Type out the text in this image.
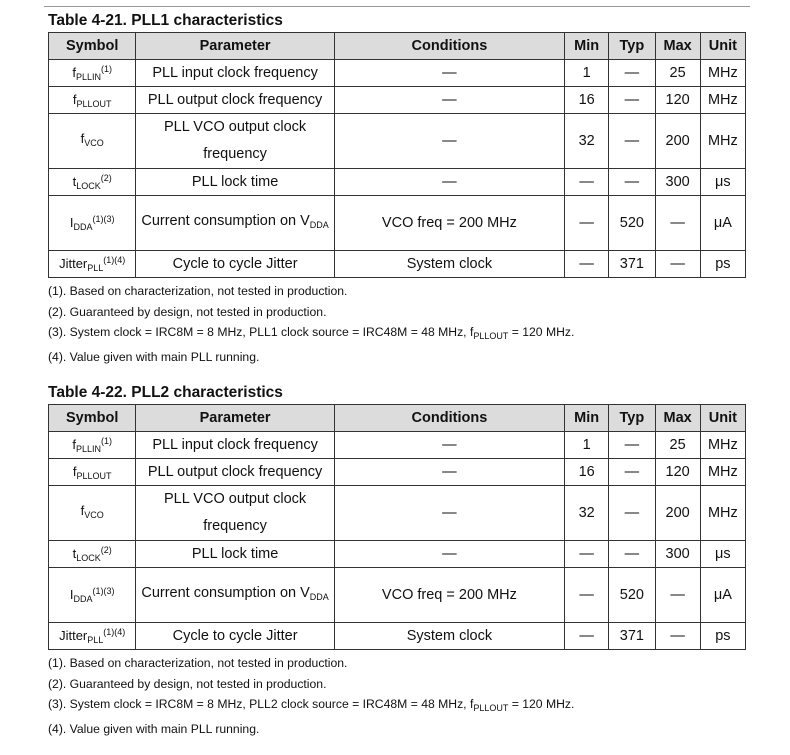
Table 4-21. PLL1 characteristics
Symbol	Parameter	Conditions	Min	Typ	Max	Unit
$f_{PLLIN}^{(1)}$	PLL input clock frequency	—	1	—	25	MHz
$f_{PLLOUT}$	PLL output clock frequency	—	16	—	120	MHz
$f_{VCO}$	PLL VCO output clock frequency	—	32	—	200	MHz
$t_{LOCK}^{(2)}$	PLL lock time	—	—	—	300	μs
$I_{DDA}^{(1)(3)}$	Current consumption on $V_{DDA}$	VCO freq = 200 MHz	—	520	—	μA
Jitter$_{PLL}^{(1)(4)}$	Cycle to cycle Jitter	System clock	—	371	—	ps
(1). Based on characterization, not tested in production.
(2). Guaranteed by design, not tested in production.
(3). System clock = IRC8M = 8 MHz, PLL1 clock source = IRC48M = 48 MHz, $f_{PLLOUT} = 120$ MHz.
(4). Value given with main PLL running.
Table 4-22. PLL2 characteristics
Symbol	Parameter	Conditions	Min	Typ	Max	Unit
$f_{PLLIN}^{(1)}$	PLL input clock frequency	—	1	—	25	MHz
$f_{PLLOUT}$	PLL output clock frequency	—	16	—	120	MHz
$f_{VCO}$	PLL VCO output clock frequency	—	32	—	200	MHz
$t_{LOCK}^{(2)}$	PLL lock time	—	—	—	300	μs
$I_{DDA}^{(1)(3)}$	Current consumption on $V_{DDA}$	VCO freq = 200 MHz	—	520	—	μA
Jitter$_{PLL}^{(1)(4)}$	Cycle to cycle Jitter	System clock	—	371	—	ps
(1). Based on characterization, not tested in production.
(2). Guaranteed by design, not tested in production.
(3). System clock = IRC8M = 8 MHz, PLL2 clock source = IRC48M = 48 MHz, $f_{PLLOUT} = 120$ MHz.
(4). Value given with main PLL running.
